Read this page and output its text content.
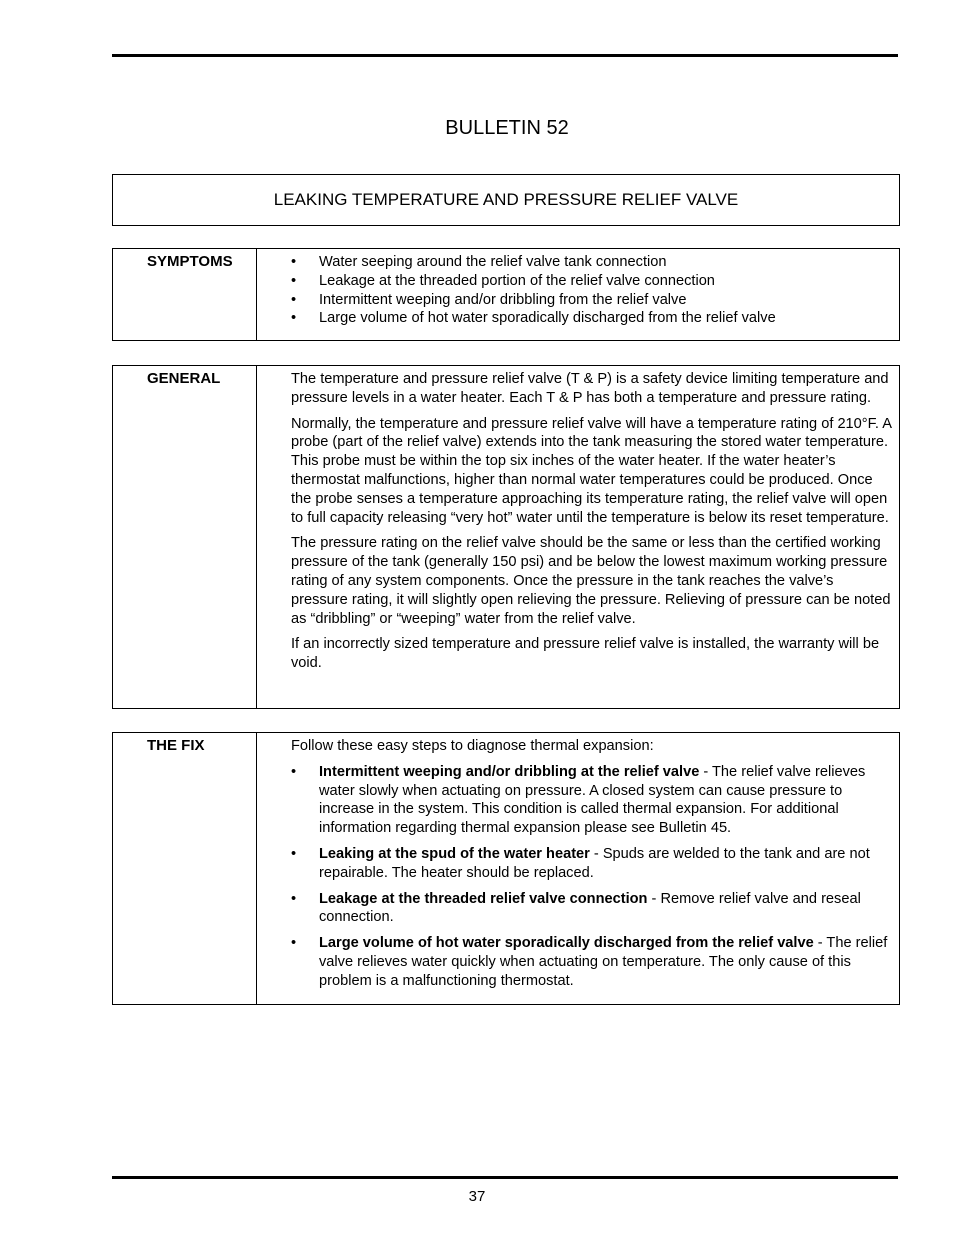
BULLETIN 52
LEAKING TEMPERATURE AND PRESSURE RELIEF VALVE
SYMPTOMS
•	Water seeping around the relief valve tank connection
• Leakage at the threaded portion of the relief valve connection
• Intermittent weeping and/or dribbling from the relief valve
• Large volume of hot water sporadically discharged from the relief valve
GENERAL	The temperature and pressure relief valve (T & P) is a safety device limiting temperature and pressure levels in a water heater. Each T & P has both a temperature and pressure rating.

Normally, the temperature and pressure relief valve will have a temperature rating of 210°F. A probe (part of the relief valve) extends into the tank measuring the stored water temperature. This probe must be within the top six inches of the water heater. If the water heater’s thermostat malfunctions, higher than normal water temperatures could be produced. Once the probe senses a temperature approaching its temperature rating, the relief valve will open to full capacity releasing “very hot” water until the temperature is below its reset temperature.

The pressure rating on the relief valve should be the same or less than the certified working pressure of the tank (generally 150 psi) and be below the lowest maximum working pressure rating of any system components. Once the pressure in the tank reaches the valve’s pressure rating, it will slightly open relieving the pressure. Relieving of pressure can be noted as “dribbling” or “weeping” water from the relief valve.

If an incorrectly sized temperature and pressure relief valve is installed, the warranty will be void.

THE FIX	Follow these easy steps to diagnose thermal expansion:

• Intermittent weeping and/or dribbling at the relief valve - The relief valve relieves water slowly when actuating on pressure. A closed system can cause pressure to increase in the system. This condition is called thermal expansion. For additional information regarding thermal expansion please see Bulletin 45.
• Leaking at the spud of the water heater - Spuds are welded to the tank and are not repairable. The heater should be replaced.
• Leakage at the threaded relief valve connection - Remove relief valve and reseal connection.
• Large volume of hot water sporadically discharged from the relief valve - The relief valve relieves water quickly when actuating on temperature. The only cause of this problem is a malfunctioning thermostat.
37
